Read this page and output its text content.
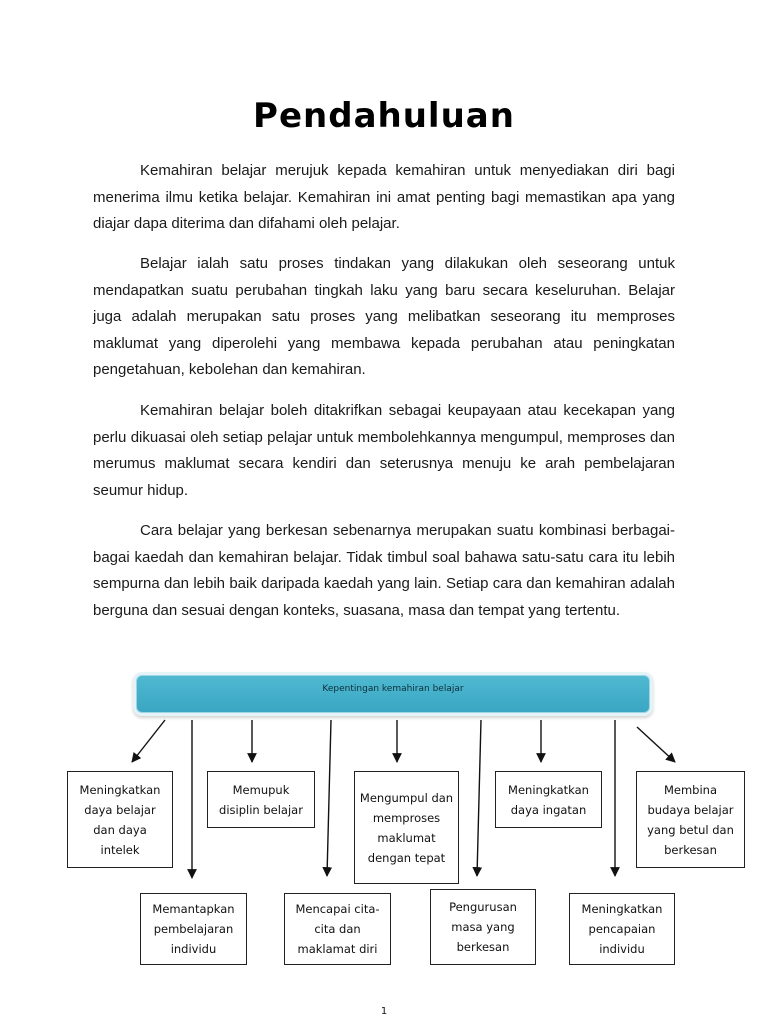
Pendahuluan

Kemahiran belajar merujuk kepada kemahiran untuk menyediakan diri bagi menerima ilmu ketika belajar. Kemahiran ini amat penting bagi memastikan apa yang diajar dapa diterima dan difahami oleh pelajar.

Belajar ialah satu proses tindakan yang dilakukan oleh seseorang untuk mendapatkan suatu perubahan tingkah laku yang baru secara keseluruhan. Belajar juga adalah merupakan satu proses yang melibatkan seseorang itu memproses maklumat yang diperolehi yang membawa kepada perubahan atau peningkatan pengetahuan, kebolehan dan kemahiran.

Kemahiran belajar boleh ditakrifkan sebagai keupayaan atau kecekapan yang perlu dikuasai oleh setiap pelajar untuk membolehkannya mengumpul, memproses dan merumus maklumat secara kendiri dan seterusnya menuju ke arah pembelajaran seumur hidup.

Cara belajar yang berkesan sebenarnya merupakan suatu kombinasi berbagai-bagai kaedah dan kemahiran belajar. Tidak timbul soal bahawa satu-satu cara itu lebih sempurna dan lebih baik daripada kaedah yang lain. Setiap cara dan kemahiran adalah berguna dan sesuai dengan konteks, suasana, masa dan tempat yang tertentu.

Kepentingan kemahiran belajar
Meningkatkan daya belajar dan daya intelek
Memupuk disiplin belajar
Mengumpul dan memproses maklumat dengan tepat
Meningkatkan daya ingatan
Membina budaya belajar yang betul dan berkesan
Memantapkan pembelajaran individu
Mencapai cita-cita dan maklamat diri
Pengurusan masa yang berkesan
Meningkatkan pencapaian individu
1
